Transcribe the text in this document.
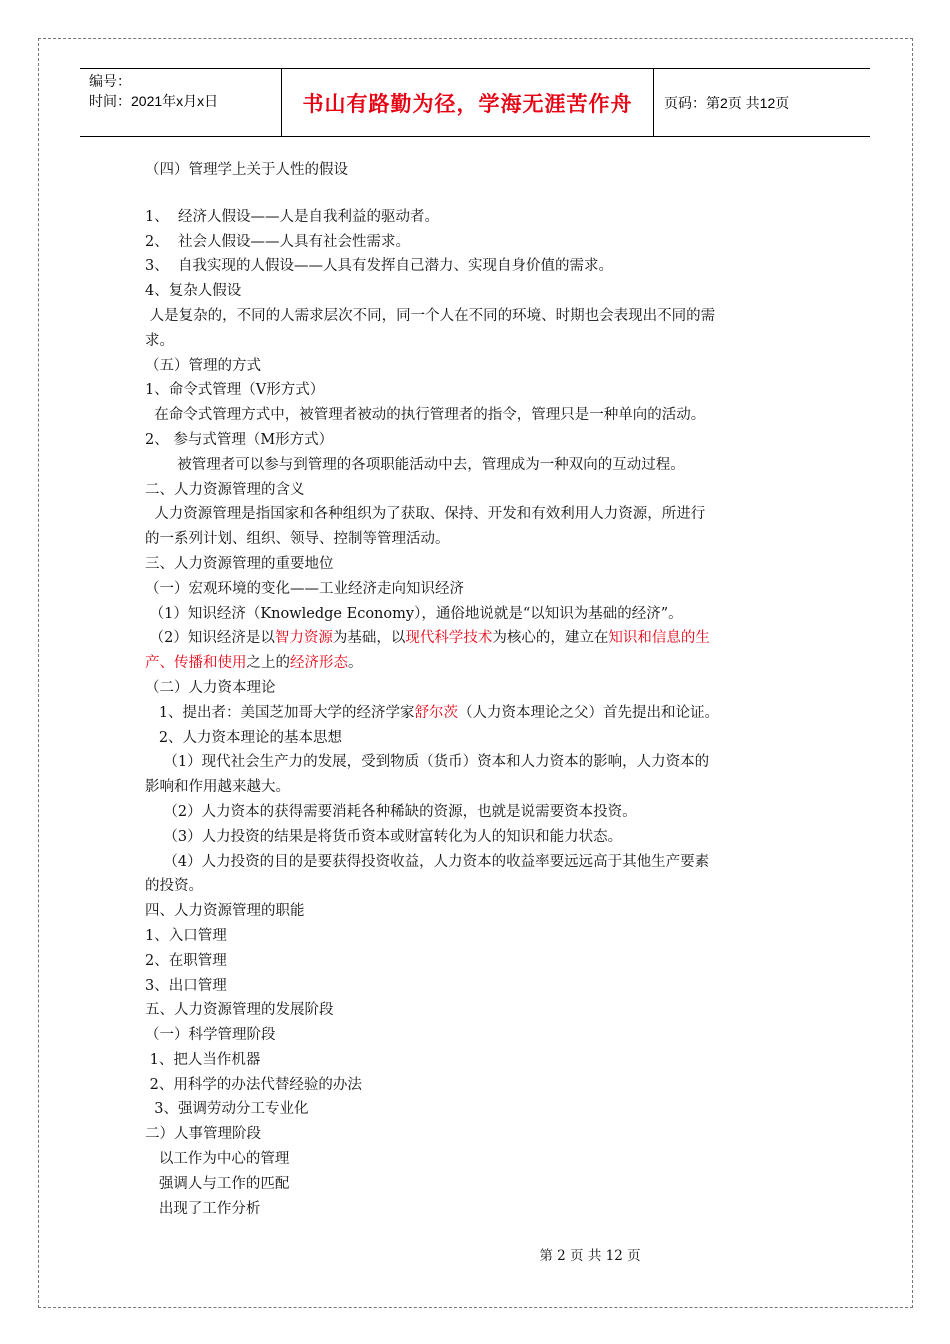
编号：
时间：2021年x月x日	书山有路勤为径，学海无涯苦作舟	页码：第2页 共12页
（四）管理学上关于人性的假设
1、  经济人假设——人是自我利益的驱动者。
2、  社会人假设——人具有社会性需求。
3、  自我实现的人假设——人具有发挥自己潜力、实现自身价值的需求。
4、复杂人假设
人是复杂的，不同的人需求层次不同，同一个人在不同的环境、时期也会表现出不同的需
求。
（五）管理的方式
1、命令式管理（V形方式）
在命令式管理方式中，被管理者被动的执行管理者的指令，管理只是一种单向的活动。
2、 参与式管理（M形方式）
被管理者可以参与到管理的各项职能活动中去，管理成为一种双向的互动过程。
二、人力资源管理的含义
人力资源管理是指国家和各种组织为了获取、保持、开发和有效利用人力资源，所进行
的一系列计划、组织、领导、控制等管理活动。
三、人力资源管理的重要地位
（一）宏观环境的变化——工业经济走向知识经济
（1）知识经济（Knowledge Economy），通俗地说就是“以知识为基础的经济”。
（2）知识经济是以智力资源为基础，以现代科学技术为核心的，建立在知识和信息的生
产、传播和使用之上的经济形态。
（二）人力资本理论
1、提出者：美国芝加哥大学的经济学家舒尔茨（人力资本理论之父）首先提出和论证。
2、人力资本理论的基本思想
（1）现代社会生产力的发展，受到物质（货币）资本和人力资本的影响，人力资本的
影响和作用越来越大。
（2）人力资本的获得需要消耗各种稀缺的资源，也就是说需要资本投资。
（3）人力投资的结果是将货币资本或财富转化为人的知识和能力状态。
（4）人力投资的目的是要获得投资收益，人力资本的收益率要远远高于其他生产要素
的投资。
四、人力资源管理的职能
1、入口管理
2、在职管理
3、出口管理
五、人力资源管理的发展阶段
（一）科学管理阶段
1、把人当作机器
2、用科学的办法代替经验的办法
3、强调劳动分工专业化
二）人事管理阶段
以工作为中心的管理
强调人与工作的匹配
出现了工作分析
第 2 页 共 12 页
